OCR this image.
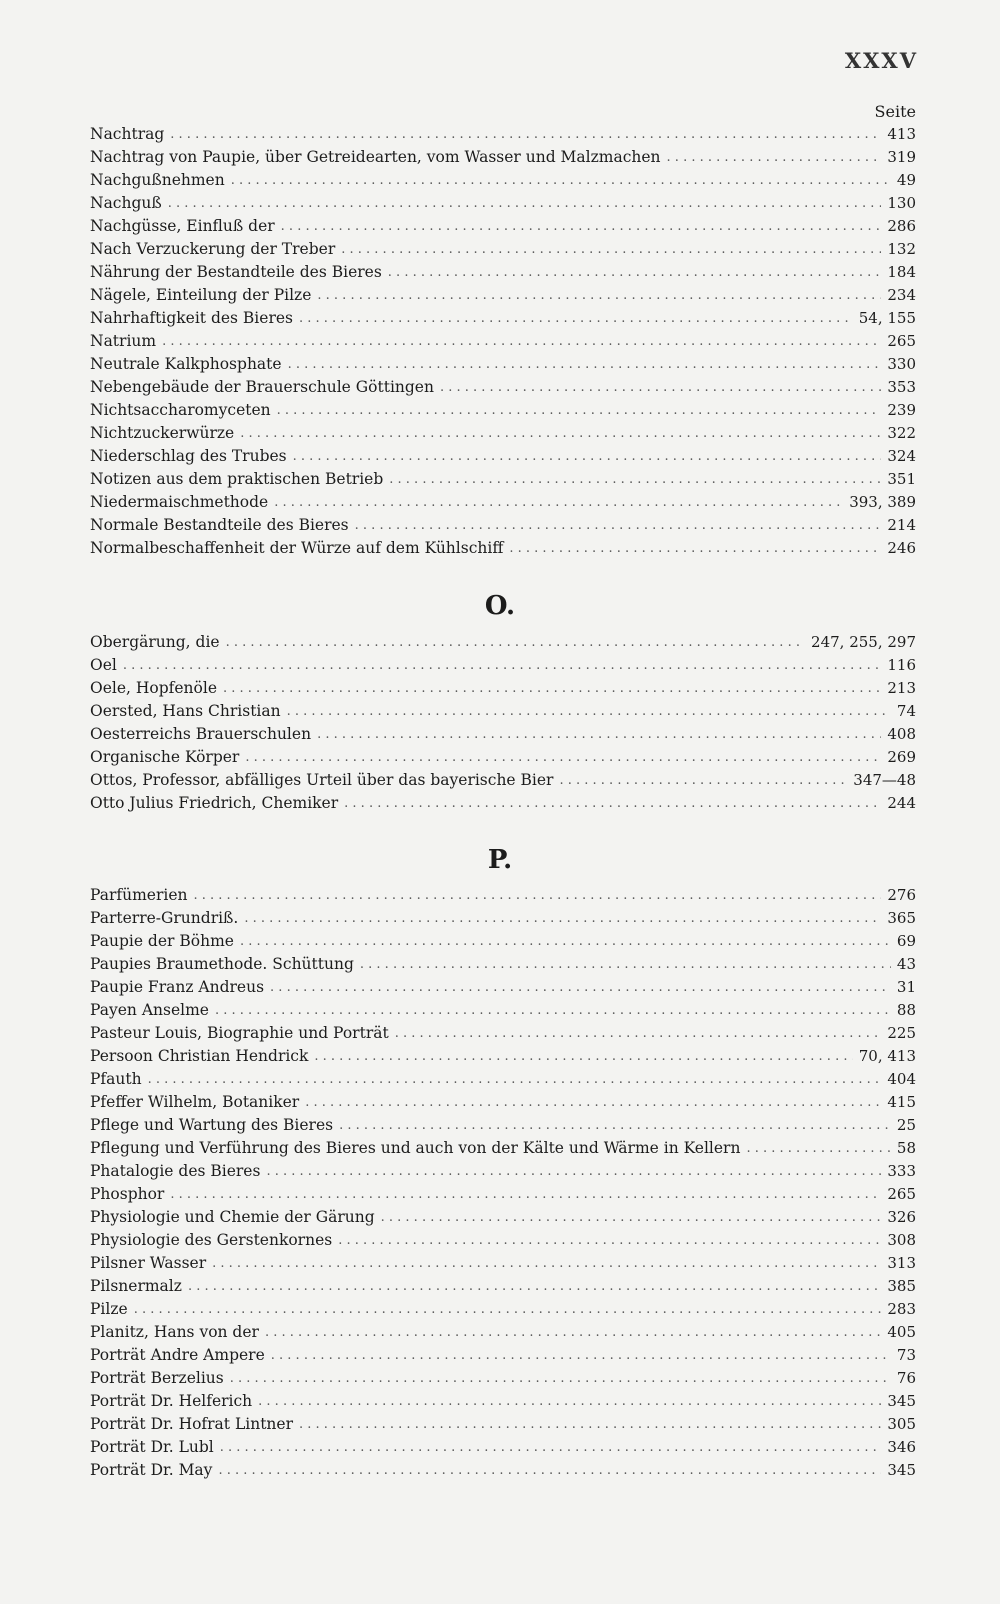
XXXV
Seite
Nachtrag . . .	413
Nachtrag von Paupie, über Getreidearten, vom Wasser und Malzmachen . . .	319
Nachgußnehmen . . .	49
Nachguß . . .	130
Nachgüsse, Einfluß der . . .	286
Nach Verzuckerung der Treber . . .	132
Nährung der Bestandteile des Bieres . . .	184
Nägele, Einteilung der Pilze . . .	234
Nahrhaftigkeit des Bieres . . .	54, 155
Natrium . . .	265
Neutrale Kalkphosphate . . .	330
Nebengebäude der Brauerschule Göttingen . . .	353
Nichtsaccharomyceten . . .	239
Nichtzuckerwürze . . .	322
Niederschlag des Trubes . . .	324
Notizen aus dem praktischen Betrieb . . .	351
Niedermaischmethode . . .	393, 389
Normale Bestandteile des Bieres . . .	214
Normalbeschaffenheit der Würze auf dem Kühlschiff . . .	246
O.
Obergärung, die . . .	247, 255, 297
Oel . . .	116
Oele, Hopfenöle . . .	213
Oersted, Hans Christian . . .	74
Oesterreichs Brauerschulen . . .	408
Organische Körper . . .	269
Ottos, Professor, abfälliges Urteil über das bayerische Bier . . .	347—48
Otto Julius Friedrich, Chemiker . . .	244
P.
Parfümerien . . .	276
Parterre-Grundriß. . . .	365
Paupie der Böhme . . .	69
Paupies Braumethode. Schüttung . . .	43
Paupie Franz Andreus . . .	31
Payen Anselme . . .	88
Pasteur Louis, Biographie und Porträt . . .	225
Persoon Christian Hendrick . . .	70, 413
Pfauth . . .	404
Pfeffer Wilhelm, Botaniker . . .	415
Pflege und Wartung des Bieres . . .	25
Pflegung und Verführung des Bieres und auch von der Kälte und Wärme in Kellern . . .	58
Phatalogie des Bieres . . .	333
Phosphor . . .	265
Physiologie und Chemie der Gärung . . .	326
Physiologie des Gerstenkornes . . .	308
Pilsner Wasser . . .	313
Pilsnermalz . . .	385
Pilze . . .	283
Planitz, Hans von der . . .	405
Porträt Andre Ampere . . .	73
Porträt Berzelius . . .	76
Porträt Dr. Helferich . . .	345
Porträt Dr. Hofrat Lintner . . .	305
Porträt Dr. Lubl . . .	346
Porträt Dr. May . . .	345
